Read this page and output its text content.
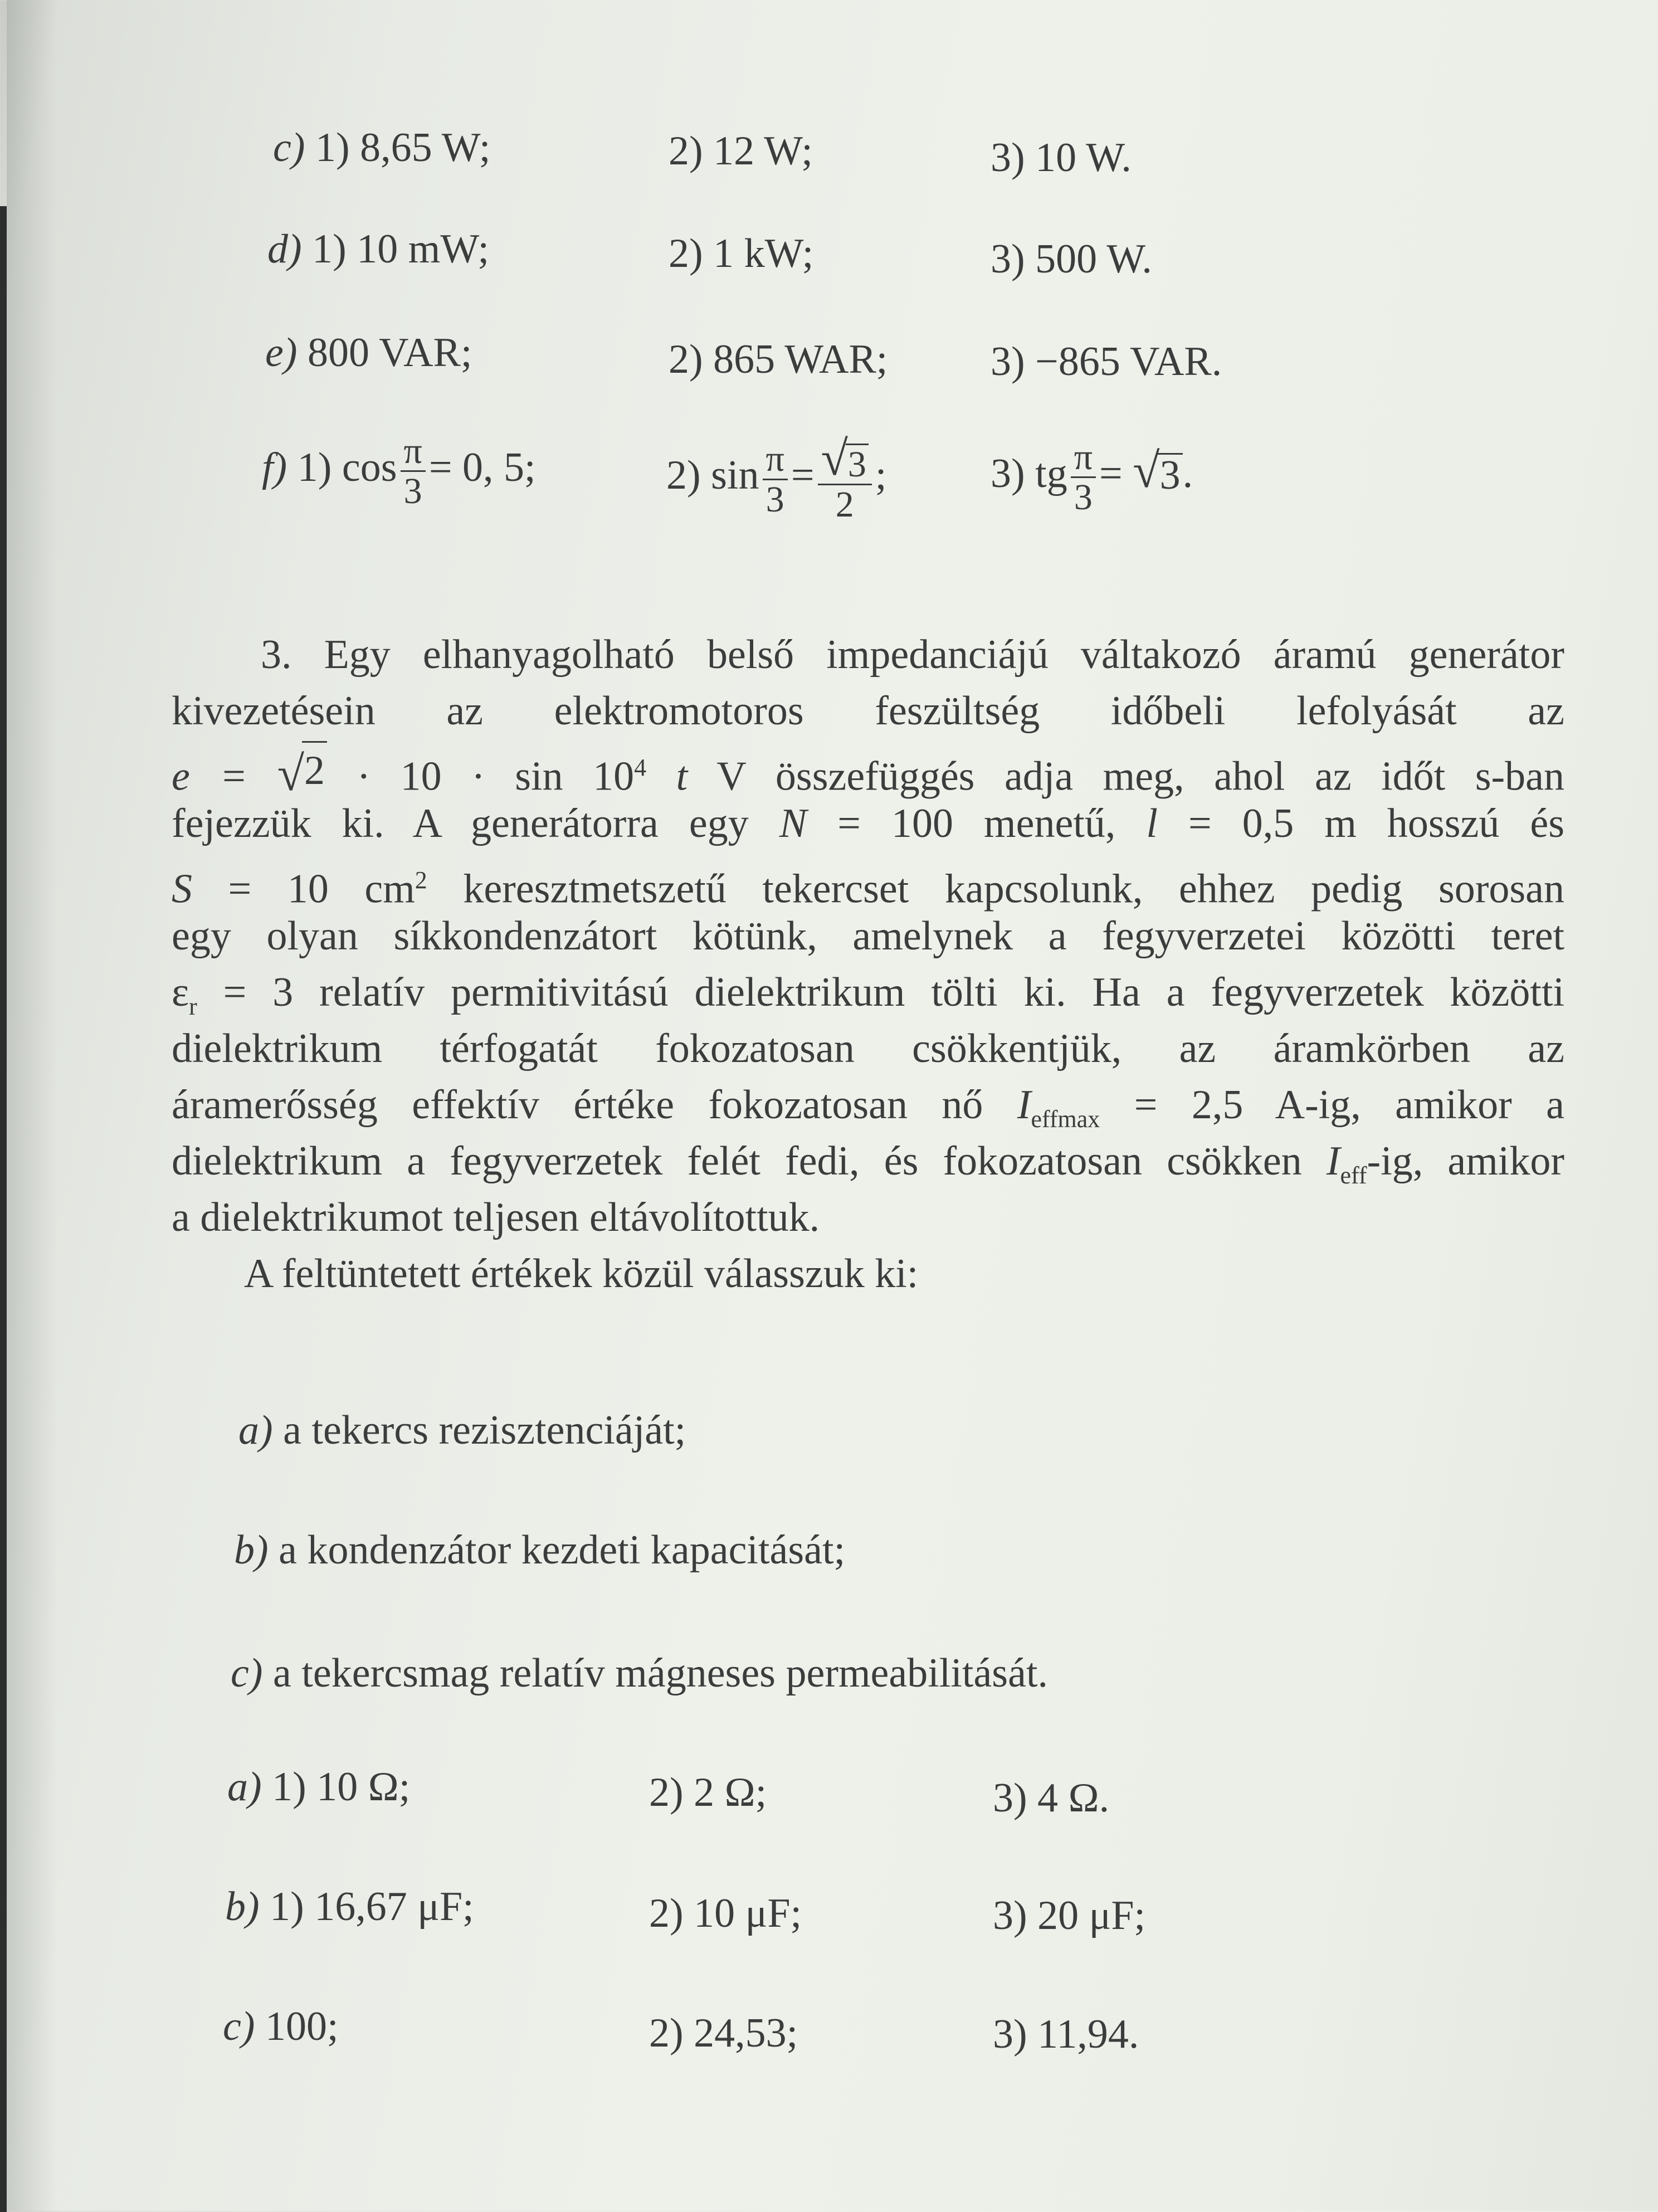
c) 1) 8,65 W;	2) 12 W;	3) 10 W.
d) 1) 10 mW;	2) 1 kW;	3) 500 W.
e) 800 VAR;	2) 865 WAR; 3) −865 VAR.
f) 1) $\cos \frac{\pi}{3} = 0$, 5;	2) $\sin \frac{\pi}{3} = \frac{√ 3}{2}$ ;	3) tg $\frac{\pi}{3}$ = √ 3 .
3. Egy elhanyagolható belső impedanciájú váltakozó áramú generátor
kivezetésein az elektromotoros feszültség időbeli lefolyását az
e = √ $2 \cdot 10 \cdot \sin 10^4$ t V összefüggés adja meg, ahol az időt s-ban
fejezzük ki. A generátorra egy N = 100 menetű, l = 0,5 m hosszú és
S = 10 $cm^2$ keresztmetszetű tekercset kapcsolunk, ehhez pedig sorosan
egy olyan síkkondenzátort kötünk, amelynek a fegyverzetei közötti teret
$\varepsilon_r = 3$ relatív permitivitású dielektrikum tölti ki. Ha a fegyverzetek közötti
dielektrikum térfogatát fokozatosan csökkentjük, az áramkörben az
áramerősség effektív értéke fokozatosan nő $I_{effmax} = 2,5$ A-ig, amikor a
dielektrikum a fegyverzetek felét fedi, és fokozatosan csökken $I_{eff}-ig$, amikor
a dielektrikumot teljesen eltávolítottuk.
A feltüntetett értékek közül válasszuk ki:
a) a tekercs rezisztenciáját;
b) a kondenzátor kezdeti kapacitását;
c) a tekercsmag relatív mágneses permeabilitását.
a) 1) 10 Ω;	2) 2 Ω;	3) 4 Ω.
b) 1) 16,67 μF;	2) 10 μF;	3) 20 μF;
c) 100;	2) 24,53;	3) 11,94.
